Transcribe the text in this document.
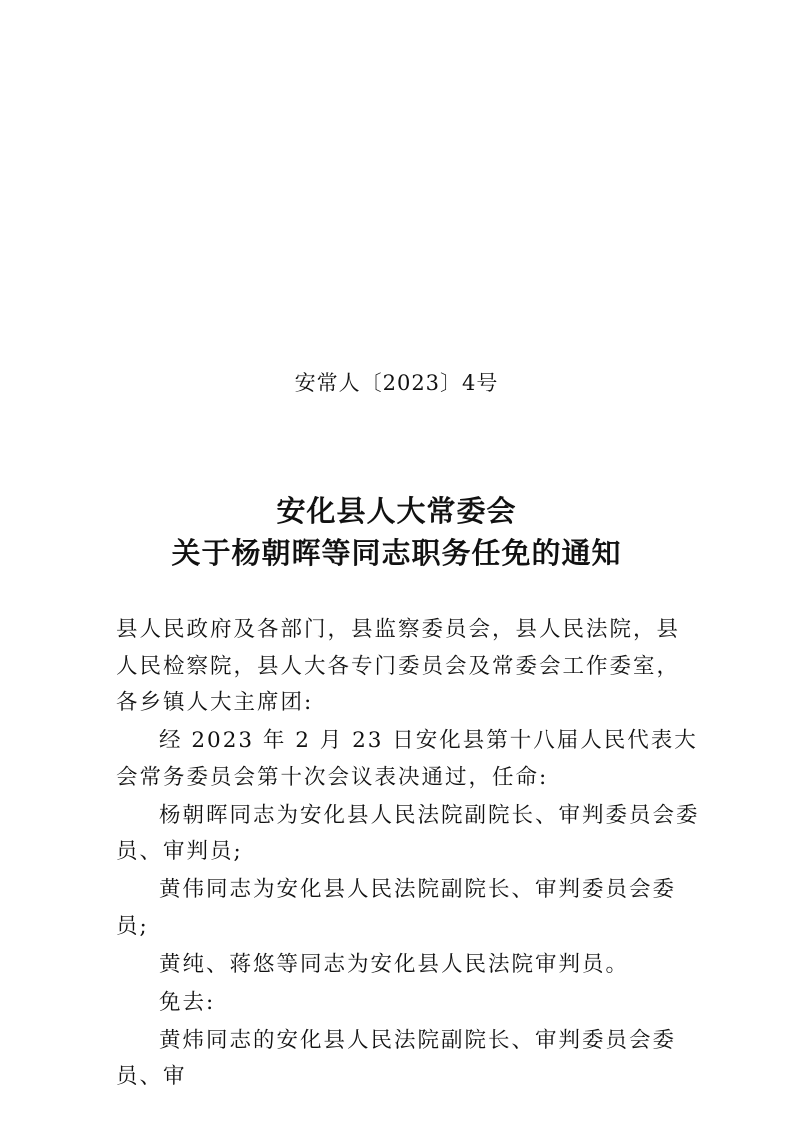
安常人〔2023〕4号
安化县人大常委会
关于杨朝晖等同志职务任免的通知

县人民政府及各部门，县监察委员会，县人民法院，县人民检察院，县人大各专门委员会及常委会工作委室，各乡镇人大主席团:

经 2023 年 2 月 23 日安化县第十八届人民代表大会常务委员会第十次会议表决通过，任命:

杨朝晖同志为安化县人民法院副院长、审判委员会委员、审判员;

黄伟同志为安化县人民法院副院长、审判委员会委员;

黄纯、蒋悠等同志为安化县人民法院审判员。

免去:

黄炜同志的安化县人民法院副院长、审判委员会委员、审
